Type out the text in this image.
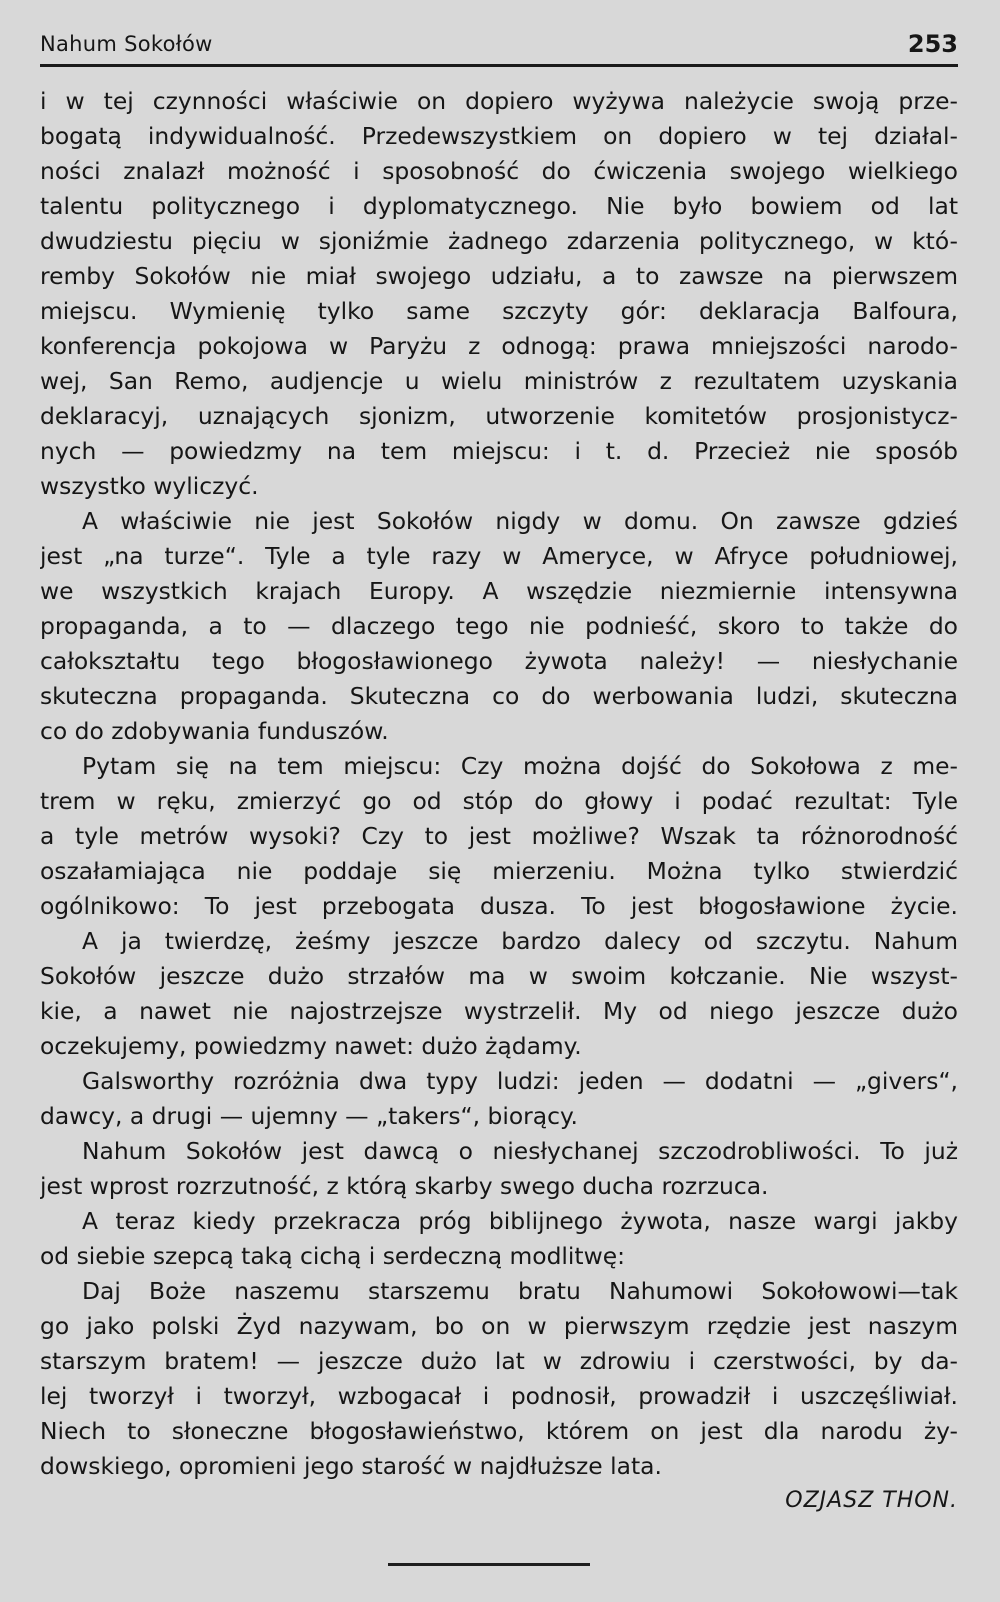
Nahum Sokołów	253
i w tej czynności właściwie on dopiero wyżywa należycie swoją prze-
bogatą indywidualność. Przedewszystkiem on dopiero w tej działal-
ności znalazł możność i sposobność do ćwiczenia swojego wielkiego
talentu politycznego i dyplomatycznego. Nie było bowiem od lat
dwudziestu pięciu w sjoniźmie żadnego zdarzenia politycznego, w któ-
remby Sokołów nie miał swojego udziału, a to zawsze na pierwszem
miejscu. Wymienię tylko same szczyty gór: deklaracja Balfoura,
konferencja pokojowa w Paryżu z odnogą: prawa mniejszości narodo-
wej, San Remo, audjencje u wielu ministrów z rezultatem uzyskania
deklaracyj, uznających sjonizm, utworzenie komitetów prosjonistycz-
nych — powiedzmy na tem miejscu: i t. d. Przecież nie sposób
wszystko wyliczyć.
A właściwie nie jest Sokołów nigdy w domu. On zawsze gdzieś
jest „na turze“. Tyle a tyle razy w Ameryce, w Afryce południowej,
we wszystkich krajach Europy. A wszędzie niezmiernie intensywna
propaganda, a to — dlaczego tego nie podnieść, skoro to także do
całokształtu tego błogosławionego żywota należy! — niesłychanie
skuteczna propaganda. Skuteczna co do werbowania ludzi, skuteczna
co do zdobywania funduszów.
Pytam się na tem miejscu: Czy można dojść do Sokołowa z me-
trem w ręku, zmierzyć go od stóp do głowy i podać rezultat: Tyle
a tyle metrów wysoki? Czy to jest możliwe? Wszak ta różnorodność
oszałamiająca nie poddaje się mierzeniu. Można tylko stwierdzić
ogólnikowo: To jest przebogata dusza. To jest błogosławione życie.
A ja twierdzę, żeśmy jeszcze bardzo dalecy od szczytu. Nahum
Sokołów jeszcze dużo strzałów ma w swoim kołczanie. Nie wszyst-
kie, a nawet nie najostrzejsze wystrzelił. My od niego jeszcze dużo
oczekujemy, powiedzmy nawet: dużo żądamy.
Galsworthy rozróżnia dwa typy ludzi: jeden — dodatni — „givers“,
dawcy, a drugi — ujemny — „takers“, biorący.
Nahum Sokołów jest dawcą o niesłychanej szczodrobliwości. To już
jest wprost rozrzutność, z którą skarby swego ducha rozrzuca.
A teraz kiedy przekracza próg biblijnego żywota, nasze wargi jakby
od siebie szepcą taką cichą i serdeczną modlitwę:
Daj Boże naszemu starszemu bratu Nahumowi Sokołowowi—tak
go jako polski Żyd nazywam, bo on w pierwszym rzędzie jest naszym
starszym bratem! — jeszcze dużo lat w zdrowiu i czerstwości, by da-
lej tworzył i tworzył, wzbogacał i podnosił, prowadził i uszczęśliwiał.
Niech to słoneczne błogosławieństwo, którem on jest dla narodu ży-
dowskiego, opromieni jego starość w najdłuższe lata.
OZJASZ THON.
